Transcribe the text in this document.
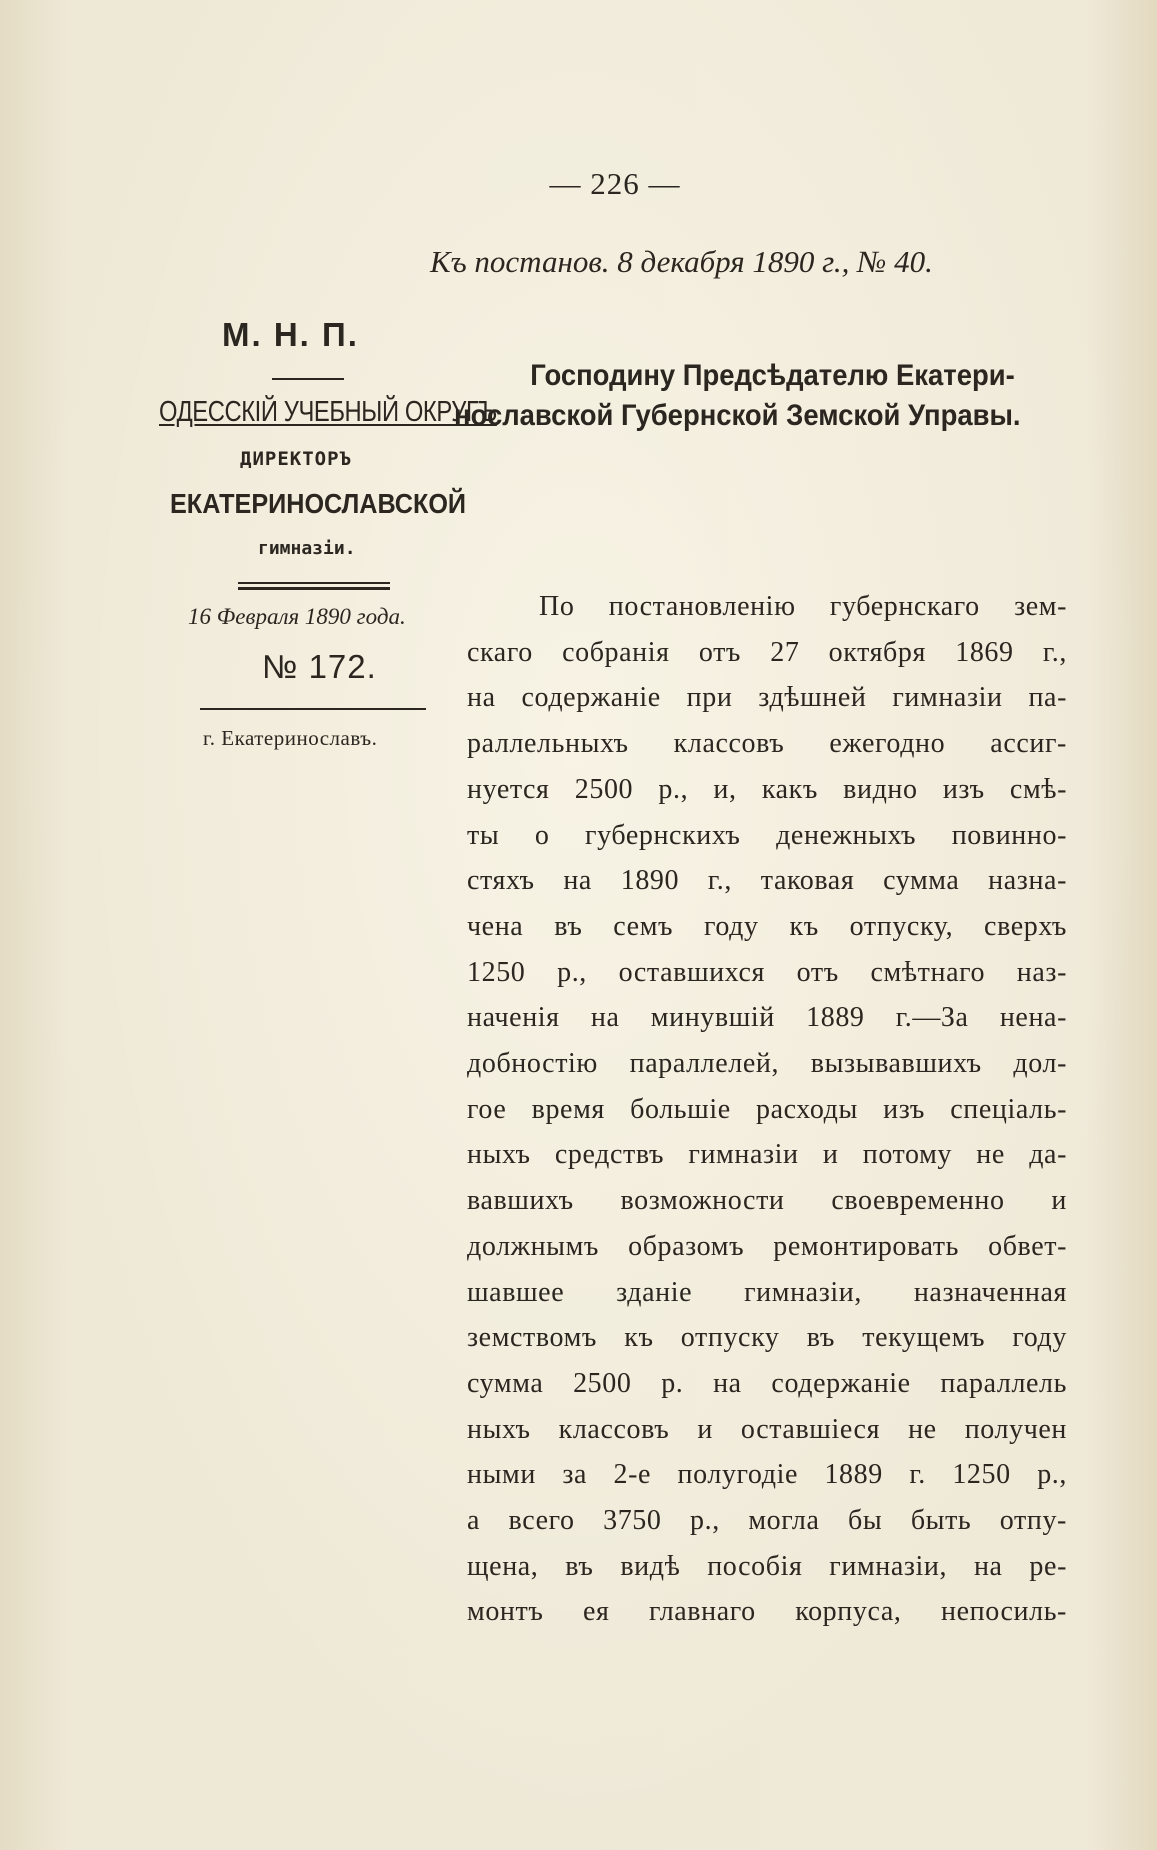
— 226 —
Къ постанов. 8 декабря 1890 г., № 40.
М. Н. П.
ОДЕССКІЙ УЧЕБНЫЙ ОКРУГЪ
ДИРЕКТОРЪ
ЕКАТЕРИНОСЛАВСКОЙ
гимназіи.
16 Февраля 1890 года.
№ 172.
г. Екатеринославъ.
Господину Предсѣдателю Екатери-
нославской Губернской Земской Управы.
По постановленію губернскаго зем-
скаго собранія отъ 27 октября 1869 г.,
на содержаніе при здѣшней гимназіи па-
раллельныхъ классовъ ежегодно ассиг-
нуется 2500 р., и, какъ видно изъ смѣ-
ты о губернскихъ денежныхъ повинно-
стяхъ на 1890 г., таковая сумма назна-
чена въ семъ году къ отпуску, сверхъ
1250 р., оставшихся отъ смѣтнаго наз-
наченія на минувшій 1889 г.—За нена-
добностію параллелей, вызывавшихъ дол-
гое время большіе расходы изъ спеціаль-
ныхъ средствъ гимназіи и потому не да-
вавшихъ возможности своевременно и
должнымъ образомъ ремонтировать обвет-
шавшее зданіе гимназіи, назначенная
земствомъ къ отпуску въ текущемъ году
сумма 2500 р. на содержаніе параллель
ныхъ классовъ и оставшіеся не получен
ными за 2-е полугодіе 1889 г. 1250 р.,
а всего 3750 р., могла бы быть отпу-
щена, въ видѣ пособія гимназіи, на ре-
монтъ ея главнаго корпуса, непосиль-
